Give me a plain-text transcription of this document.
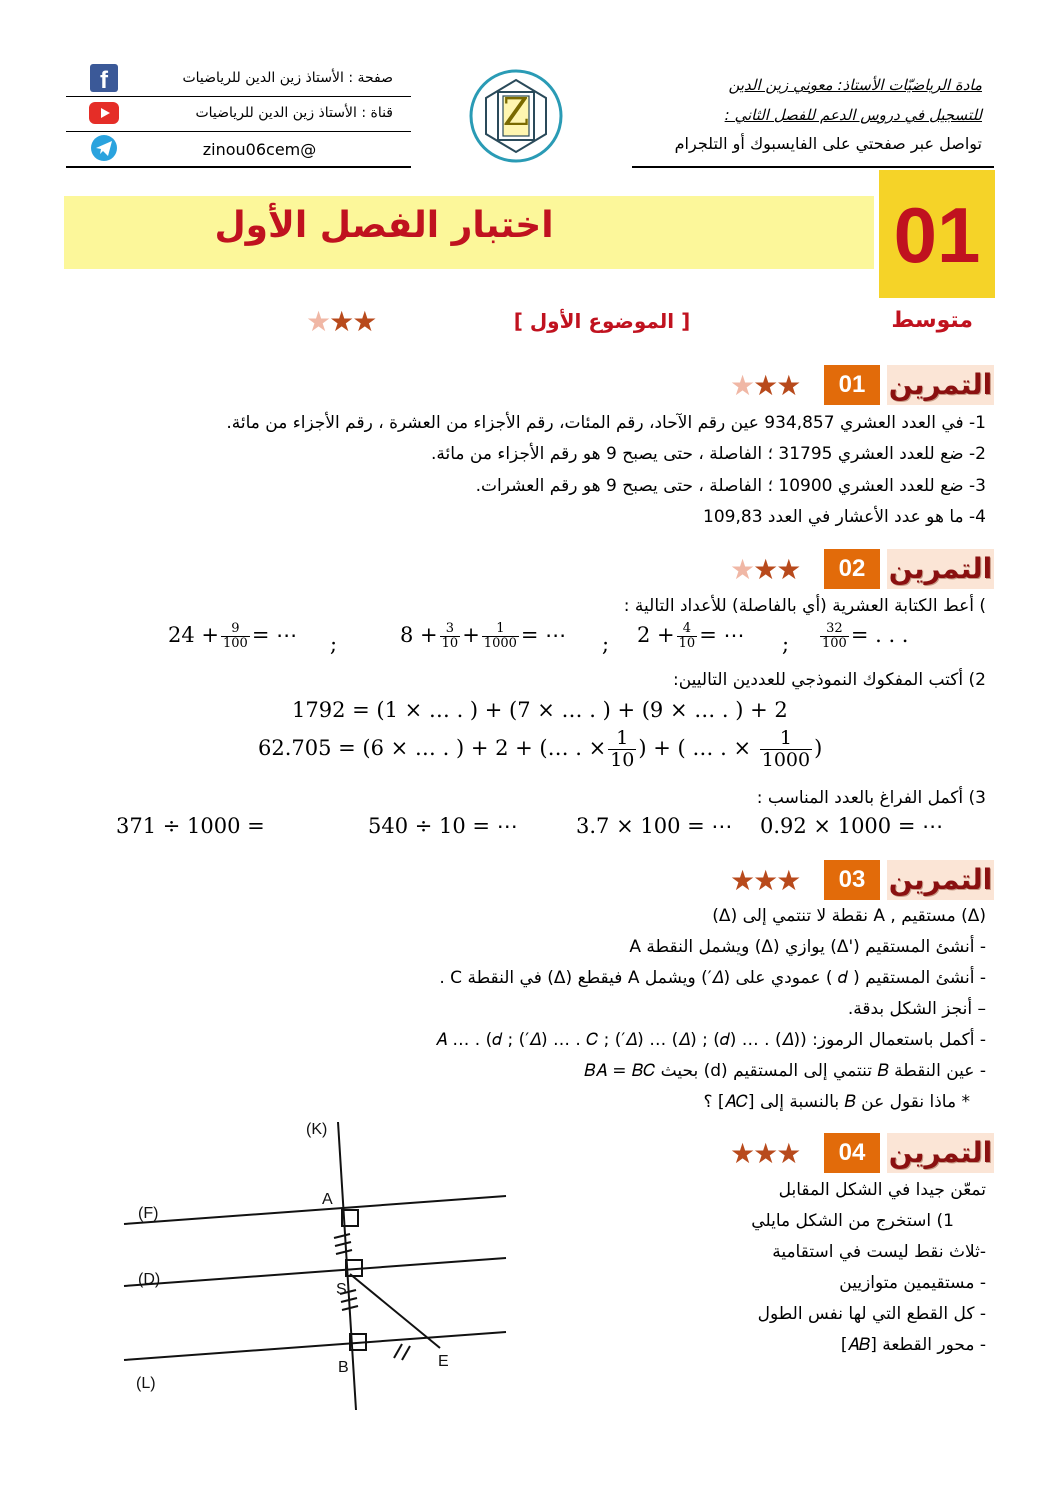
مادة الرياضيّات الأستاذ: معوني زين الدين
للتسجيل في دروس الدعم للفصل الثاني :
تواصل عبر صفحتي على الفايسبوك أو التلجرام
Z
f	صفحة : الأستاذ زين الدين للرياضيات
قناة : الأستاذ زين الدين للرياضيات
@zinou06cem
اختبار الفصل الأول	01
متوسط
[ الموضوع الأول ]
★★★
التمرين
01
★★★
1- في العدد العشري 934,857 عين رقم الآحاد، رقم المئات، رقم الأجزاء من العشرة ، رقم الأجزاء من مائة.
2- ضع للعدد العشري 31795 ؛ الفاصلة ، حتى يصبح 9 هو رقم الأجزاء من مائة.
3- ضع للعدد العشري 10900 ؛ الفاصلة ، حتى يصبح 9 هو رقم العشرات.
4- ما هو عدد الأعشار في العدد 109,83
التمرين
02
★★★
) أعط الكتابة العشرية (أي بالفاصلة) للأعداد التالية :
$24 + \frac{9}{100}$ = ⋯ ;	$8 + \frac{3}{10} + \frac{1}{1000}$ = ⋯ ; $2 + \frac{4}{10}$ = ⋯ ; $\frac{32}{100}$ = . . .
2) أكتب المفكوك النموذجي للعددين التاليين:
1792 = (1 × … . ) + (7 × … . ) + (9 × … . ) + 2
62.705 = (6 × … . ) + 2 + (… . × $\frac{1}{10}$ ) + ( … . × $\frac{1}{1000}$ )
3) أكمل الفراغ بالعدد المناسب :
0.92 × 1000 = ⋯
3.7 × 100 = ⋯
540 ÷ 10 = ⋯
371 ÷ 1000 =
التمرين
03
★★★
(Δ) مستقيم , A نقطة لا تنتمي إلى (Δ)
- أنشئ المستقيم ('Δ) يوازي (Δ) ويشمل النقطة A
- أنشئ المستقيم ( 𝑑 ) عمودي على (𝛥′) ويشمل A فيقطع (Δ) في النقطة C .
– أنجز الشكل بدقة.
- أكمل باستعمال الرموز: (𝐴 … . (𝑑 ; (′𝛥) … . 𝐶 ; (′𝛥) … (𝛥) ; (𝑑) … . (𝛥)
- عين النقطة 𝐵 تنتمي إلى المستقيم (d) بحيث 𝐵𝐴 = 𝐵𝐶
* ماذا نقول عن 𝐵 بالنسبة إلى [𝐴𝐶] ؟
التمرين
04
★★★
تمعّن جيدا في الشكل المقابل
1) استخرج من الشكل مايلي
-ثلاث نقط ليست في استقامية
- مستقيمين متوازيين
- كل القطع التي لها نفس الطول
- محور القطعة [𝐴𝐵]
(K)
(F)
(D)
(L)
A
S
B	E
